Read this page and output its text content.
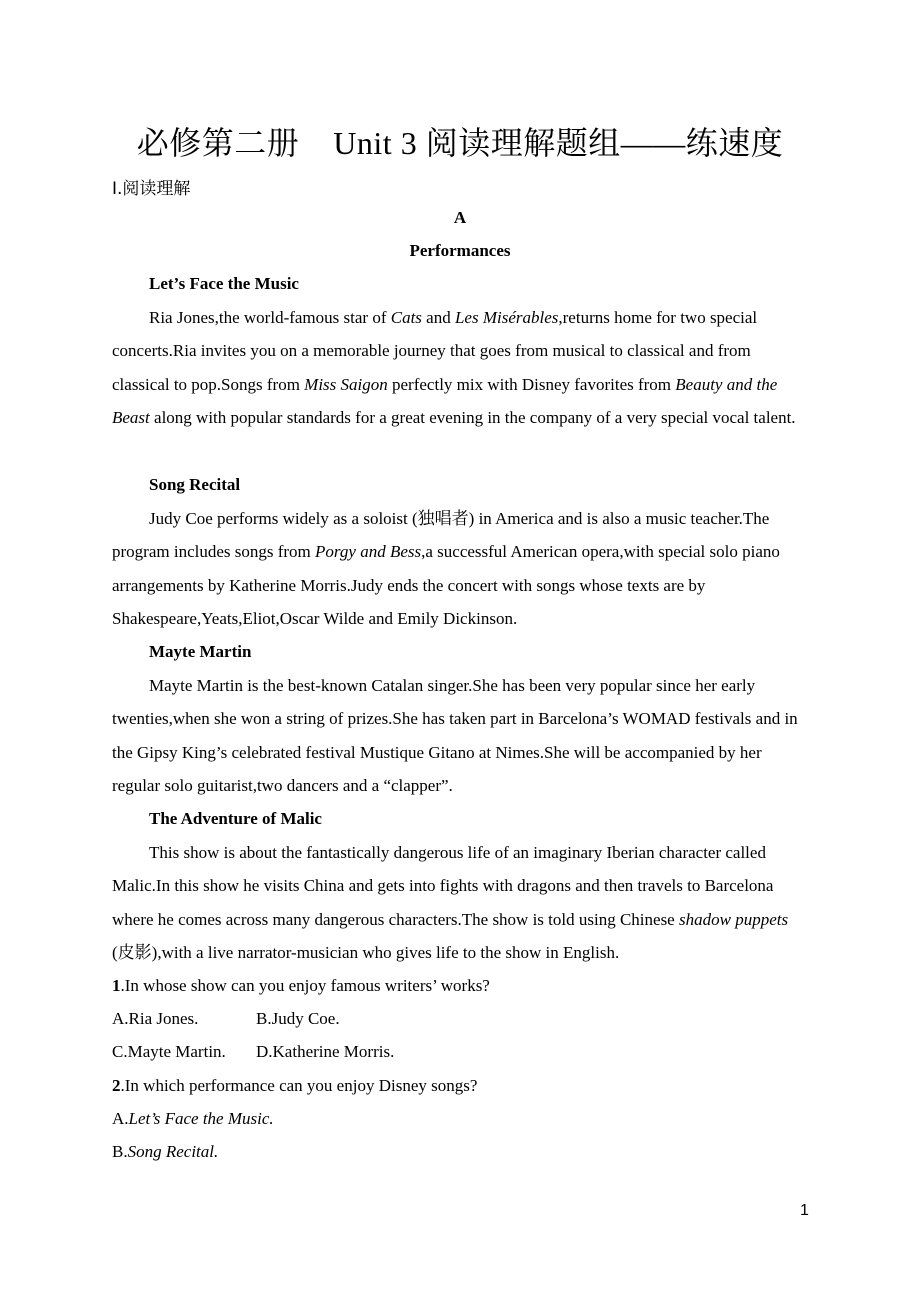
必修第二册 Unit 3 阅读理解题组——练速度
Ⅰ.阅读理解
A
Performances
Let’s Face the Music
Ria Jones,the world-famous star of Cats and Les Misérables,returns home for two special concerts.Ria invites you on a memorable journey that goes from musical to classical and from classical to pop.Songs from Miss Saigon perfectly mix with Disney favorites from Beauty and the Beast along with popular standards for a great evening in the company of a very special vocal talent.
Song Recital
Judy Coe performs widely as a soloist (独唱者) in America and is also a music teacher.The program includes songs from Porgy and Bess,a successful American opera,with special solo piano arrangements by Katherine Morris.Judy ends the concert with songs whose texts are by Shakespeare,Yeats,Eliot,Oscar Wilde and Emily Dickinson.
Mayte Martin
Mayte Martin is the best-known Catalan singer.She has been very popular since her early twenties,when she won a string of prizes.She has taken part in Barcelona’s WOMAD festivals and in the Gipsy King’s celebrated festival Mustique Gitano at Nimes.She will be accompanied by her regular solo guitarist,two dancers and a “clapper”.
The Adventure of Malic
This show is about the fantastically dangerous life of an imaginary Iberian character called Malic.In this show he visits China and gets into fights with dragons and then travels to Barcelona where he comes across many dangerous characters.The show is told using Chinese shadow puppets (皮影),with a live narrator-musician who gives life to the show in English.
1.In whose show can you enjoy famous writers’ works?
A.Ria Jones.	B.Judy Coe.
C.Mayte Martin. D.Katherine Morris.
2.In which performance can you enjoy Disney songs?
A.Let’s Face the Music.
B.Song Recital.
1
